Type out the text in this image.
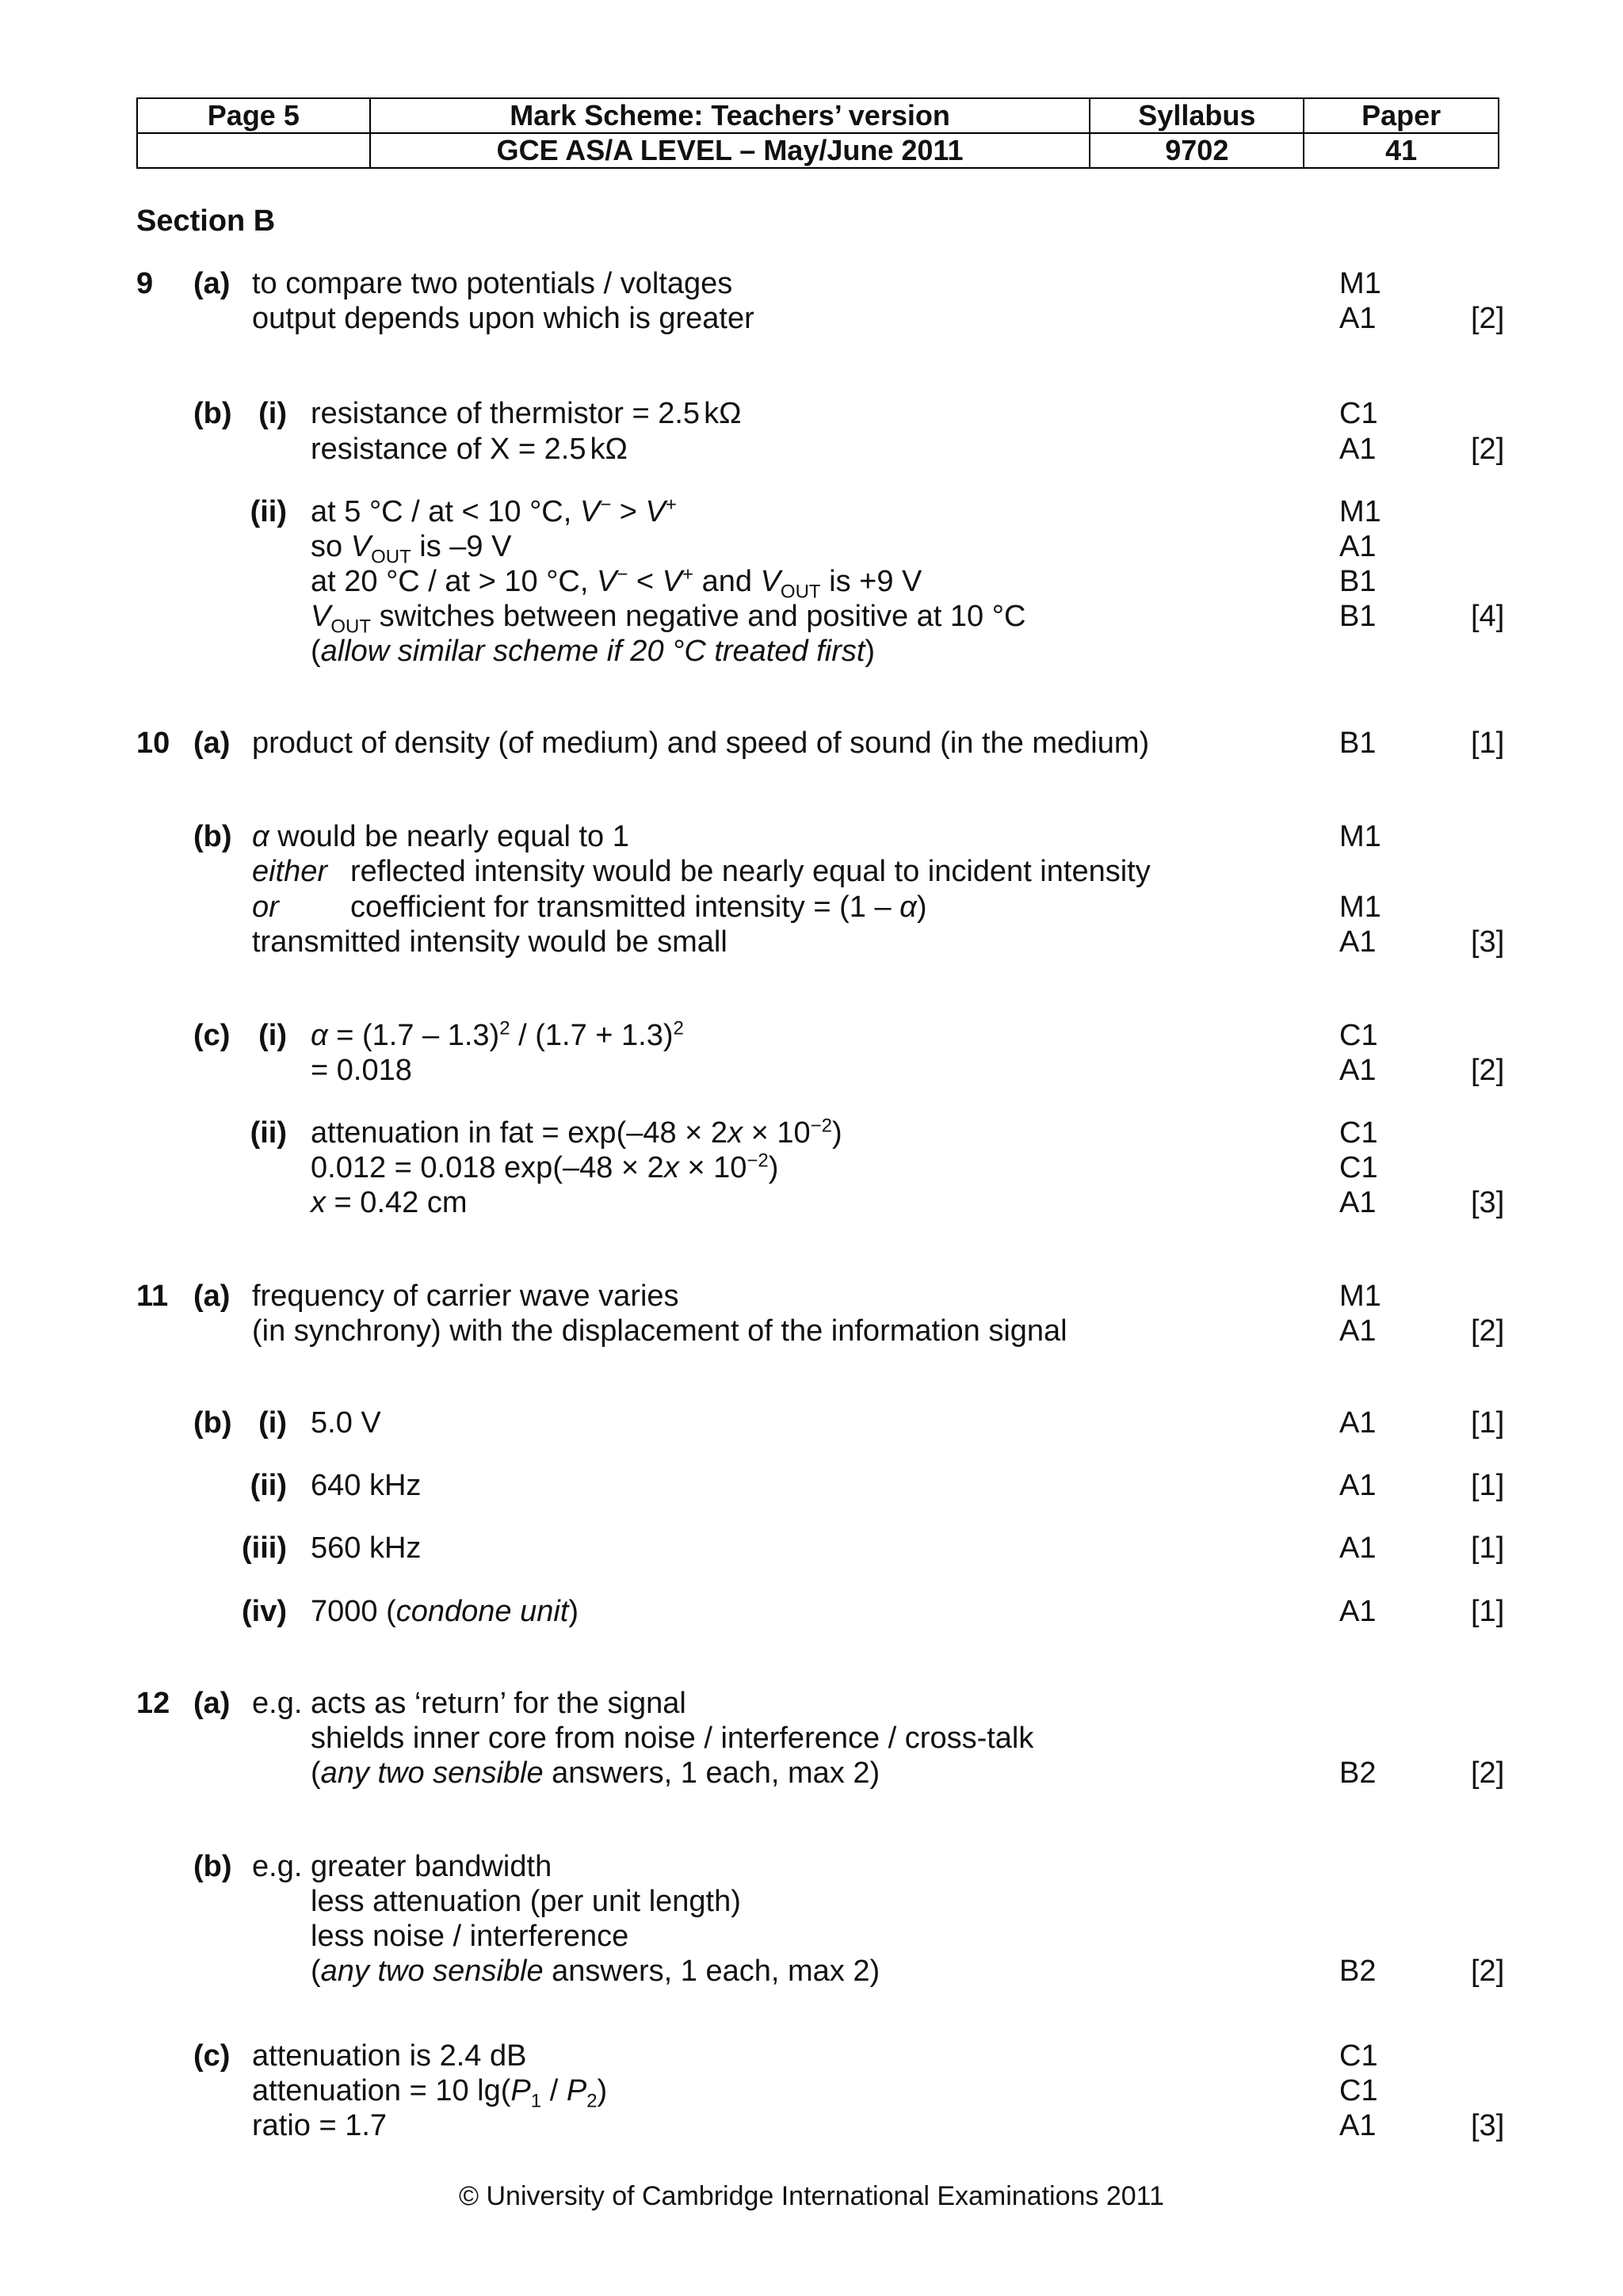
Page 5	Mark Scheme: Teachers’ version	Syllabus	Paper
	GCE AS/A LEVEL – May/June 2011	9702	41
Section B
9 (a) to compare two potentials / voltages	M1
output depends upon which is greater	A1	[2]
(b) (i) resistance of thermistor = 2.5 kΩ	C1
resistance of X = 2.5 kΩ	A1	[2]
(ii) at 5 °C / at < 10 °C, V− > V+	M1
so $V_{OUT}$ is –9 V	A1
at 20 °C / at > 10 °C, V− < V+ and $V_{OUT}$ is +9 V	B1
$V_{OUT}$ switches between negative and positive at 10 °C	B1	[4]
(allow similar scheme if 20 °C treated first)
10 (a) product of density (of medium) and speed of sound (in the medium)	B1	[1]
(b) α would be nearly equal to 1	M1
either reflected intensity would be nearly equal to incident intensity
or coefficient for transmitted intensity = (1 – α)	M1
transmitted intensity would be small	A1	[3]
(c) (i) $\alpha = (1.7 - 1.3)^2 / (1.7 + 1.3)^2$	C1
= 0.018	A1	[2]
(ii) attenuation in fat = $\exp(-48 \times 2x \times 10^{-2})$	C1
0.012 = 0.018 $\exp(-48 \times 2x \times 10^{-2})$	C1
x = 0.42 cm	A1	[3]
11 (a) frequency of carrier wave varies	M1
(in synchrony) with the displacement of the information signal	A1	[2]
(b) (i) 5.0 V	A1	[1]
(ii) 640 kHz	A1	[1]
(iii) 560 kHz	A1	[1]
(iv) 7000 (condone unit)	A1	[1]
12 (a) e.g. acts as ‘return’ for the signal
shields inner core from noise / interference / cross-talk
(any two sensible answers, 1 each, max 2)	B2	[2]
(b) e.g. greater bandwidth
less attenuation (per unit length)
less noise / interference
(any two sensible answers, 1 each, max 2)	B2	[2]
(c) attenuation is 2.4 dB	C1
attenuation = 10 $\lg(P_1 / P_2)$	C1
ratio = 1.7	A1	[3]
© University of Cambridge International Examinations 2011
